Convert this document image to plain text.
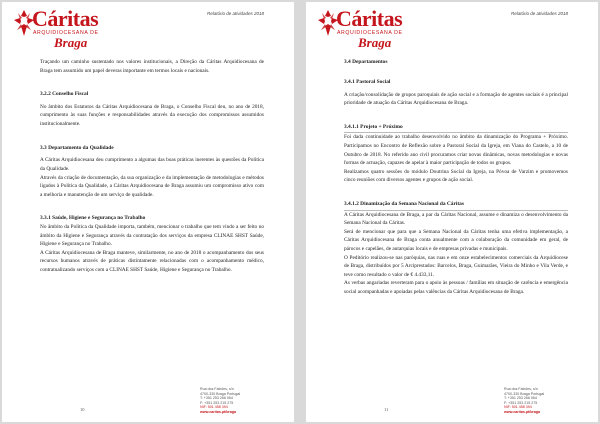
Cáritas
ARQUIDIOCESANA DE
Braga
Relatório de atividades 2018

Traçando um caminho sustentado nos valores institucionais, a Direção da Cáritas Arquidiocesana de Braga tem assumido um papel deveras importante em termos locais e nacionais.

3.2.2 Conselho Fiscal

No âmbito dos Estatutos da Cáritas Arquidiocesana de Braga, o Conselho Fiscal deu, no ano de 2018, cumprimento às suas funções e responsabilidades através da execução dos compromissos assumidos institucionalmente.

3.3 Departamento da Qualidade

A Cáritas Arquidiocesana deu cumprimento a algumas das boas práticas inerentes às questões da Política da Qualidade.

Através da criação de documentação, da sua organização e da implementação de metodologias e métodos ligados à Política da Qualidade, a Cáritas Arquidiocesana de Braga assumiu um compromisso ativo com a melhoria e manutenção de um serviço de qualidade.

3.3.1 Saúde, Higiene e Segurança no Trabalho

No âmbito da Política da Qualidade importa, também, mencionar o trabalho que tem vindo a ser feito no âmbito da Higiene e Segurança através da contratação dos serviços da empresa CLINAE SHST Saúde, Higiene e Segurança no Trabalho.

A Cáritas Arquidiocesana de Braga manteve, similarmente, no ano de 2018 o acompanhamento dos seus recursos humanos através de práticas distintamente relacionadas com o acompanhamento médico, contratualizando serviços com a CLINAE SHST Saúde, Higiene e Segurança no Trabalho.

10
Rua dos Falcões, s/n
4700-330 Braga Portugal
T: +351 253 266 064
F: +351 253 215 275
NIF: 501 458 394
www.caritas.pt/braga
Cáritas
ARQUIDIOCESANA DE
Braga
Relatório de atividades 2018
3.4 Departamentos
3.4.1 Pastoral Social

A criação/consolidação de grupos paroquiais de ação social e a formação de agentes sociais é a principal prioridade de atuação da Cáritas Arquidiocesana de Braga.

3.4.1.1 Projeto + Próximo

Foi dada continuidade ao trabalho desenvolvido no âmbito da dinamização do Programa + Próximo. Participamos no Encontro de Reflexão sobre a Pastoral Social da Igreja, em Viana do Castelo, a 10 de Outubro de 2018. No referido ano civil procuramos criar novas dinâmicas, novas metodologias e novas formas de actuação, capazes de apelar à maior participação de todos os grupos.

Realizamos quatro sessões do módulo Doutrina Social da Igreja, na Póvoa de Varzim e promovemos cinco reuniões com diversos agentes e grupos de ação social.

3.4.1.2 Dinamização da Semana Nacional da Cáritas

A Cáritas Arquidiocesana de Braga, a par da Cáritas Nacional, assume e dinamiza o desenvolvimento da Semana Nacional da Cáritas.

Será de mencionar que para que a Semana Nacional da Cáritas tenha uma efetiva implementação, a Cáritas Arquidiocesana de Braga conta anualmente com a colaboração da comunidade em geral, de párocos e capelães, de autarquias locais e de empresas privadas e municipais.

O Peditório realizou-se nas paróquias, nas ruas e em onze estabelecimentos comerciais da Arquidiocese de Braga, distribuídos por 5 Arciprestados: Barcelos, Braga, Guimarães, Vieira do Minho e Vila Verde, e teve como resultado o valor de € 4.433,11.

As verbas angariadas reverteram para o apoio às pessoas / famílias em situação de carência e emergência social acompanhadas e apoiadas pelas valências da Cáritas Arquidiocesana de Braga.

11
Rua dos Falcões, s/n
4700-330 Braga Portugal
T: +351 253 266 064
F: +351 253 215 275
NIF: 501 458 394
www.caritas.pt/braga
